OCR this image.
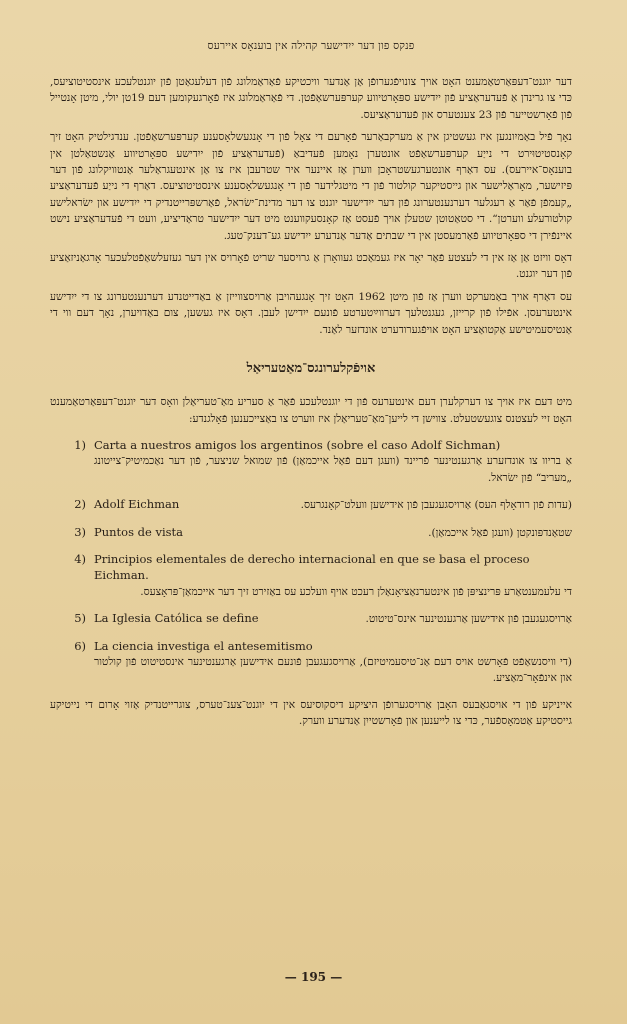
פנקס פון דער ייִדישער קהילה אין בוענאָס איירעס

דער יוגנט־דעפּאַרטאַמענט האָט אויך צונויפֿגערופֿן אַן אַנדער וויכטיקע פֿאַראַמלונג פֿון דעלעגאַטן פֿון יוגנטלעכע אינסטיטוציעס, כּדי צו גרינדן אַ פֿעדעראַציע פֿון ייִדישע ספּאָרטיווע קערפּערשאַפֿטן. די פֿאַראַמלונג איז פֿאָרגעקומען דעם 19טן יולי, מיטן אָנטייל פֿון פֿאָרשטייער פֿון 23 צענטערס און פֿעדעראַציעס.

נאָך פֿיל באַמיִונגען איז געשטיגן אין אַ מערקבאַרער פֿאָרעם די צאָל פֿון די אָנגעשלאָסענע קערפּערשאַפֿטן. ענדגילטיק האָט זיך קאָנסטיטוּירט די נייַע קערפּערשאַפֿט אונטערן נאָמען פֿעדיבאַ (פֿעדעראַציע פֿון ייִדישע ספּאָרטיווע אַנשטאַלטן אין בוענאָס־איירעס). עס דאַרף אונטערגעשטראָכן ווערן אַז איינער איר שטרעבן איז צו אַן אינטעגראַלער אַנטוויקלונג פֿון דער פּיזישער, מאָראַלישער און גייסטיקער קולטור פֿון די מיטגלידער פֿון די אָנגעשלאָסענע אינסטיטוציעס. דאַרף די נייַע פֿעדעראַציע „קעמפֿן פֿאַר אַ רעגלער דערנענטערונג פֿון דער ייִדישער יוגנט צו דער מדינת־ישׂראל, פֿאַרשפּרייטנדיק די ייִדישע און ישׂראלישע קולטורעלע ווערטן“. די סטאַטוטן שטעלן אויך פֿעסט אַז קאָנסעקווענט מיט דער ייִדישער טראַדיציע, וועט די פֿעדעראַציע נישט איינפֿירן די ספּאָרטיווע פֿאַרמעסטן אין די שבתים אַדער אַנדערע ייִדישע גע־דענק־טעג.

דאָס וויזט אַן אַז אין די לעצטע פֿאַר יאָר איז געמאַכט געוואָרן אַ גרויסער שריט פֿאָרויס אין דער געזעלשאַפֿטלעכער אָרגאַניזאַציע פֿון דער יוגנט.

עס דאַרף אויך באַמערקט ווערן אַז פֿון מיטן 1962 האָט זיך אָנגעהויבן אַרויסצווייזן אַ באַדייטנדע דערנענטערונג צו די ייִדישע אינטערעסן. אפֿילו פֿון קרייזן, געגנטלעך דערווײַטערטע פֿונעם ייִדישן לעבן. דאָס איז געשען, צום באַדויערן, נאָך דעם ווי די אַנטיסעמיטישע אַקטואַציע האָט אויפֿגערודערט אונדזער לאַנד.

אויפֿקלערונגס־מאַטעריאַל

מיט דעם איז אויך צו דערקלערן דעם אינטערעס פֿון די יוגנטלעכע פֿאַר אַ סעריע מאַ־טעריאַלן וואָס דער יוגנט־דעפּאַרטאַמענט האָט זיי לעצטנס צוגעשטעלט. צווישן די לייען־מאַ־טעריאַלן איז ווערט צו באַצייכענען פֿאָלגנדע:

1) Carta a nuestros amigos los argentinos (sobre el caso Adolf Sichman)
אַ בריוו צו אונדזערע אַרגענטינער פֿריינד (וועגן דעם פֿאַל אייכמאַן) פֿון שמואל שניצער, פֿון דער נאַכמיטיק־צייטונג „מעריב“ פֿון ישׂראל.
2) Adolf Eichman	(עדות פֿון רודאָלף העס) אַרויסגעגעבן פֿון אידישען וועלט־קאָנגרעס.
3) Puntos de vista	שטאַנדפּונקטן (וועגן פֿאַל אייכמאַן).
4) Principios elementales de derecho internacional en que se basa el proceso Eichman.
די עלעמענטאַרע פּרינציפּן פֿון אינטערנאַציאָנאַלן רעכט אויף וועלכע עס באַזירט זיך דער אייכמאַן־פּראָצעס.
5) La Iglesia Católica se define	אַרויסגעגעבן פֿון אידישען אַרגענטינער אינס־טיטוט.
6) La ciencia investiga el antesemitismo
(די וויסנשאַפֿט פֿאָרשט אויס דעם אַנ־טיסעמיטיזם), אַרויסגעגעבן פֿונעם אידישען אַרגענטינער אינסטיטוט פֿון קולטור און אינפֿאָר־מאַציע.

אייניקע פֿון די אויסגאַבעס האָבן אַרויסגערופֿן היציקע דיסקוסיעס אין די יוגנט־צענ־טערס, צוגרייטנדיק אַזוי אָרום די נייטיקע גייסטיקע אַטמאָספֿער, כּדי צו לייענען און פֿאָרשטייִן אַנדערע ווערק.

— 195 —
